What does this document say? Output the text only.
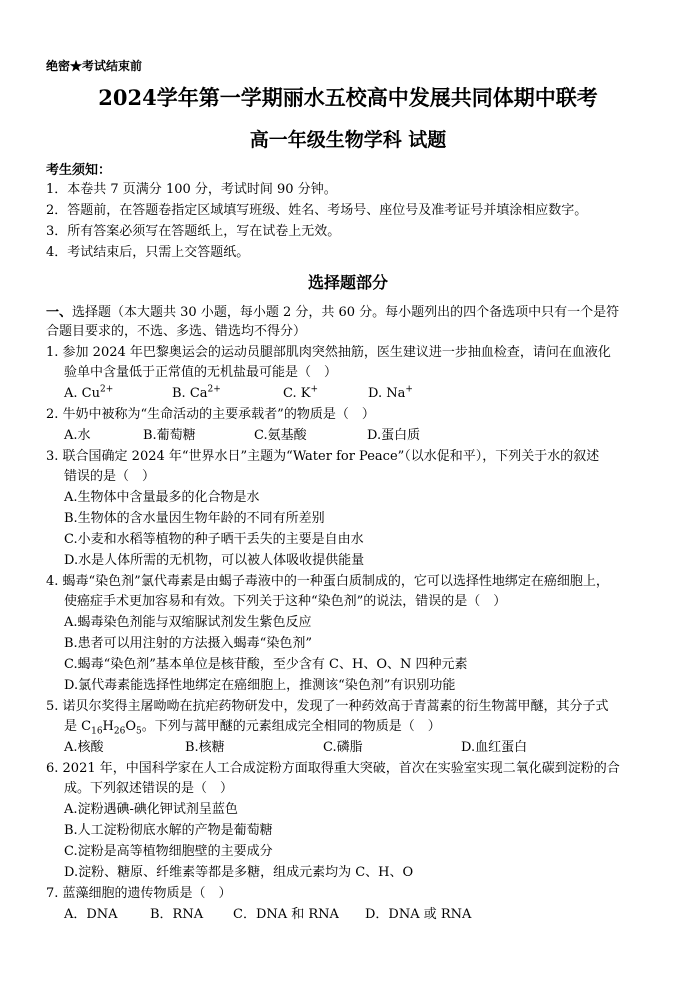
绝密★考试结束前
2024学年第一学期丽水五校高中发展共同体期中联考
高一年级生物学科 试题
考生须知：
1．本卷共 7 页满分 100 分，考试时间 90 分钟。
2．答题前，在答题卷指定区域填写班级、姓名、考场号、座位号及准考证号并填涂相应数字。
3．所有答案必须写在答题纸上，写在试卷上无效。
4．考试结束后，只需上交答题纸。
选择题部分
一、选择题（本大题共 30 小题，每小题 2 分，共 60 分。每小题列出的四个备选项中只有一个是符
合题目要求的，不选、多选、错选均不得分）
1. 参加 2024 年巴黎奥运会的运动员腿部肌肉突然抽筋，医生建议进一步抽血检查，请问在血液化
验单中含量低于正常值的无机盐最可能是（　）
A. $Cu^{2+}$	B. $Ca^{2+}$	C. K+	D. Na+
2. 牛奶中被称为“生命活动的主要承载者”的物质是（　）
A.水	B.葡萄糖	C.氨基酸	D.蛋白质
3. 联合国确定 2024 年“世界水日”主题为“Water for Peace”（以水促和平），下列关于水的叙述
错误的是（　）
A.生物体中含量最多的化合物是水
B.生物体的含水量因生物年龄的不同有所差别
C.小麦和水稻等植物的种子晒干丢失的主要是自由水
D.水是人体所需的无机物，可以被人体吸收提供能量
4. 蝎毒“染色剂”氯代毒素是由蝎子毒液中的一种蛋白质制成的，它可以选择性地绑定在癌细胞上，
使癌症手术更加容易和有效。下列关于这种“染色剂”的说法，错误的是（　）
A.蝎毒染色剂能与双缩脲试剂发生紫色反应
B.患者可以用注射的方法摄入蝎毒“染色剂”
C.蝎毒“染色剂”基本单位是核苷酸，至少含有 C、H、O、N 四种元素
D.氯代毒素能选择性地绑定在癌细胞上，推测该“染色剂”有识别功能
5. 诺贝尔奖得主屠呦呦在抗疟药物研发中，发现了一种药效高于青蒿素的衍生物蒿甲醚，其分子式
是 $C_{16}H_{26}O_5$。下列与蒿甲醚的元素组成完全相同的物质是（　）
A.核酸	B.核糖	C.磷脂	D.血红蛋白
6. 2021 年，中国科学家在人工合成淀粉方面取得重大突破，首次在实验室实现二氧化碳到淀粉的合
成。下列叙述错误的是（　）
A.淀粉遇碘-碘化钾试剂呈蓝色
B.人工淀粉彻底水解的产物是葡萄糖
C.淀粉是高等植物细胞壁的主要成分
D.淀粉、糖原、纤维素等都是多糖，组成元素均为 C、H、O
7. 蓝藻细胞的遗传物质是（　）
A．DNA B．RNA C．DNA 和 RNA D．DNA 或 RNA
